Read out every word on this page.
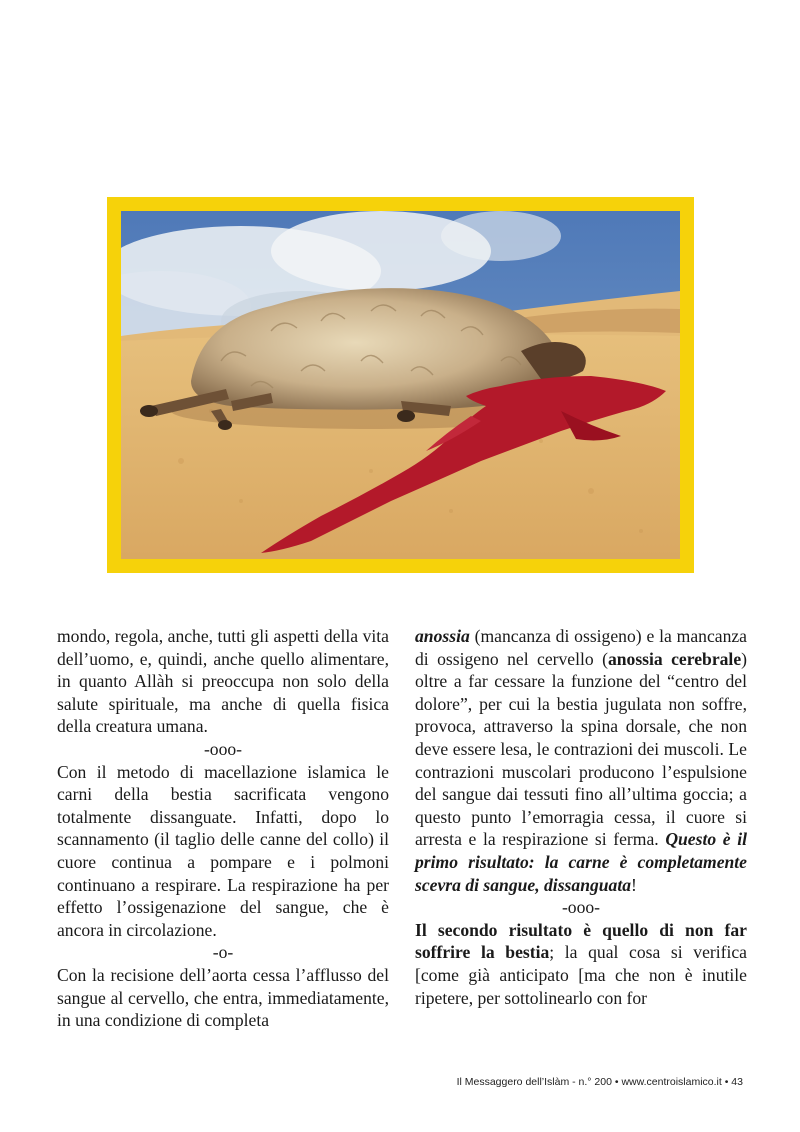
mondo, regola, anche, tutti gli aspetti della vita dell’uomo, e, quindi, anche quello alimentare, in quanto Allàh si preoccupa non solo della salute spirituale, ma anche di quella fisica della creatura umana.

-ooo-

Con il metodo di macellazione islamica le carni della bestia sacrificata vengono totalmente dissanguate. Infatti, dopo lo scannamento (il taglio delle canne del collo) il cuore continua a pompare e i polmoni continuano a respirare. La respirazione ha per effetto l’ossigenazione del sangue, che è ancora in circolazione.

-o-

Con la recisione dell’aorta cessa l’afflusso del sangue al cervello, che entra, immediatamente, in una condizione di completa

anossia (mancanza di ossigeno) e la mancanza di ossigeno nel cervello (anossia cerebrale) oltre a far cessare la funzione del “centro del dolore”, per cui la bestia jugulata non soffre, provoca, attraverso la spina dorsale, che non deve essere lesa, le contrazioni dei muscoli. Le contrazioni muscolari producono l’espulsione del sangue dai tessuti fino all’ultima goccia; a questo punto l’emorragia cessa, il cuore si arresta e la respirazione si ferma. Questo è il primo risultato: la carne è completamente scevra di sangue, dissanguata!

-ooo-

Il secondo risultato è quello di non far soffrire la bestia; la qual cosa si verifica [come già anticipato [ma che non è inutile ripetere, per sottolinearlo con for

Il Messaggero dell’Islàm - n.° 200 • www.centroislamico.it • 43
